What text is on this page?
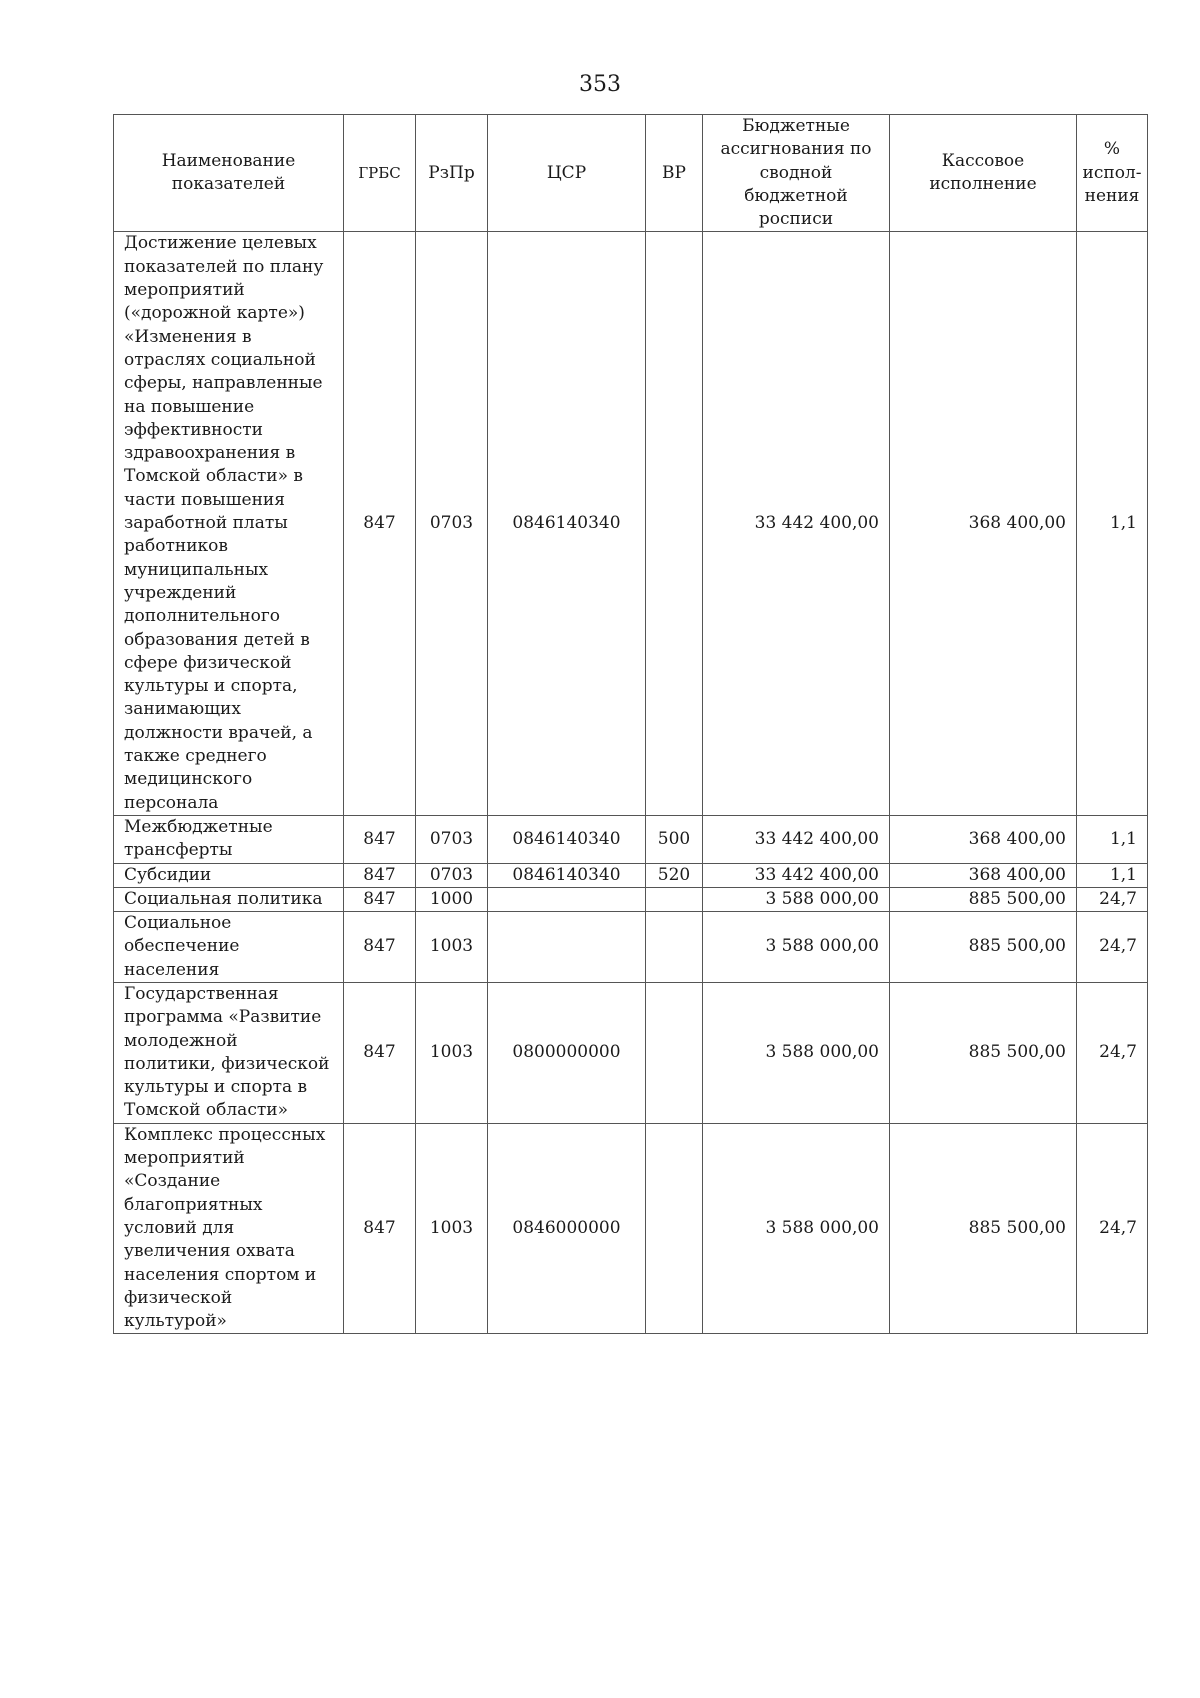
353
Наименование показателей	ГРБС	РзПр	ЦСР	ВР	Бюджетные ассигнования по сводной бюджетной росписи	Кассовое исполнение	% испол-нения
Достижение целевых показателей по плану мероприятий («дорожной карте») «Изменения в отраслях социальной сферы, направленные на повышение эффективности здравоохранения в Томской области» в части повышения заработной платы работников муниципальных учреждений дополнительного образования детей в сфере физической культуры и спорта, занимающих должности врачей, а также среднего медицинского персонала	847	0703	0846140340		33 442 400,00	368 400,00	1,1
Межбюджетные трансферты	847	0703	0846140340	500	33 442 400,00	368 400,00	1,1
Субсидии	847	0703	0846140340	520	33 442 400,00	368 400,00	1,1
Социальная политика	847	1000			3 588 000,00	885 500,00	24,7
Социальное обеспечение населения	847	1003			3 588 000,00	885 500,00	24,7
Государственная программа «Развитие молодежной политики, физической культуры и спорта в Томской области»	847	1003	0800000000		3 588 000,00	885 500,00	24,7
Комплекс процессных мероприятий «Создание благоприятных условий для увеличения охвата населения спортом и физической культурой»	847	1003	0846000000		3 588 000,00	885 500,00	24,7
